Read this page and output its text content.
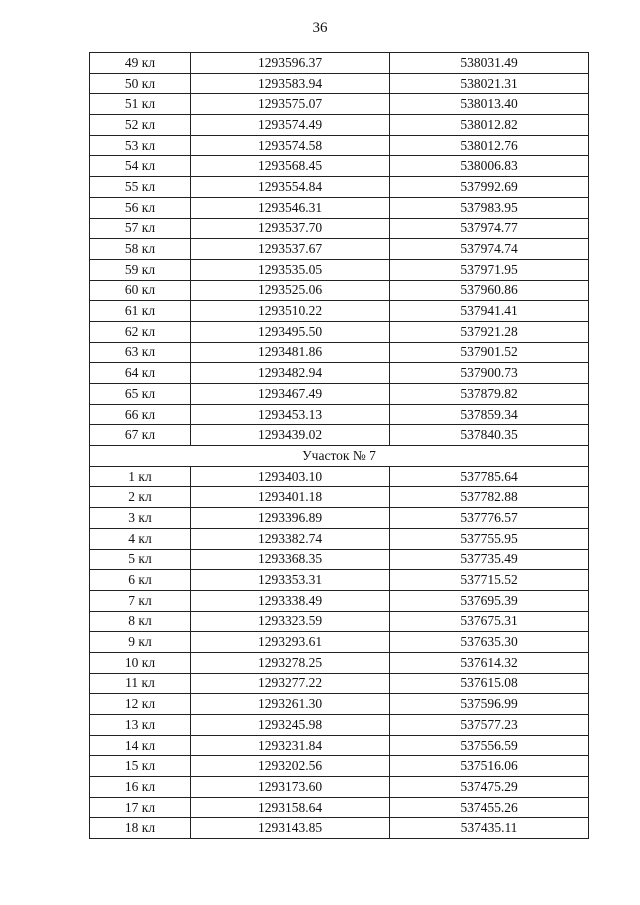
36
49 кл	1293596.37	538031.49
50 кл	1293583.94	538021.31
51 кл	1293575.07	538013.40
52 кл	1293574.49	538012.82
53 кл	1293574.58	538012.76
54 кл	1293568.45	538006.83
55 кл	1293554.84	537992.69
56 кл	1293546.31	537983.95
57 кл	1293537.70	537974.77
58 кл	1293537.67	537974.74
59 кл	1293535.05	537971.95
60 кл	1293525.06	537960.86
61 кл	1293510.22	537941.41
62 кл	1293495.50	537921.28
63 кл	1293481.86	537901.52
64 кл	1293482.94	537900.73
65 кл	1293467.49	537879.82
66 кл	1293453.13	537859.34
67 кл	1293439.02	537840.35
Участок № 7		
1 кл	1293403.10	537785.64
2 кл	1293401.18	537782.88
3 кл	1293396.89	537776.57
4 кл	1293382.74	537755.95
5 кл	1293368.35	537735.49
6 кл	1293353.31	537715.52
7 кл	1293338.49	537695.39
8 кл	1293323.59	537675.31
9 кл	1293293.61	537635.30
10 кл	1293278.25	537614.32
11 кл	1293277.22	537615.08
12 кл	1293261.30	537596.99
13 кл	1293245.98	537577.23
14 кл	1293231.84	537556.59
15 кл	1293202.56	537516.06
16 кл	1293173.60	537475.29
17 кл	1293158.64	537455.26
18 кл	1293143.85	537435.11
